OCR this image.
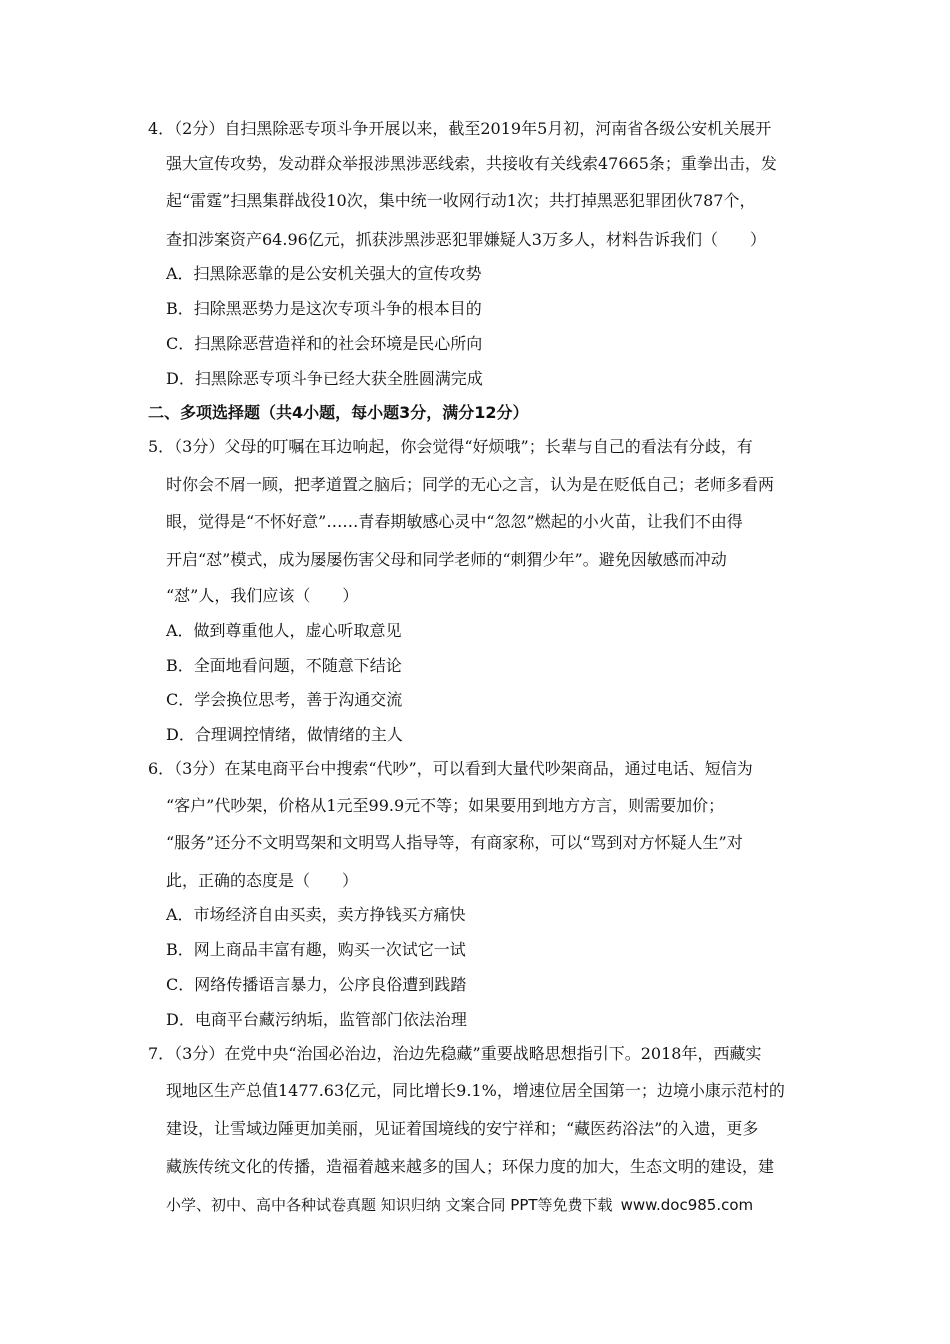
4．（2分）自扫黑除恶专项斗争开展以来，截至2019年5月初，河南省各级公安机关展开
强大宣传攻势，发动群众举报涉黑涉恶线索，共接收有关线索47665条；重拳出击，发
起“雷霆”扫黑集群战役10次，集中统一收网行动1次；共打掉黑恶犯罪团伙787个，
查扣涉案资产64.96亿元，抓获涉黑涉恶犯罪嫌疑人3万多人，材料告诉我们（　　）
A．扫黑除恶靠的是公安机关强大的宣传攻势
B．扫除黑恶势力是这次专项斗争的根本目的
C．扫黑除恶营造祥和的社会环境是民心所向
D．扫黑除恶专项斗争已经大获全胜圆满完成
二、多项选择题（共4小题，每小题3分，满分12分）
5．（3分）父母的叮嘱在耳边响起，你会觉得“好烦哦”；长辈与自己的看法有分歧，有
时你会不屑一顾，把孝道置之脑后；同学的无心之言，认为是在贬低自己；老师多看两
眼，觉得是“不怀好意”……青春期敏感心灵中“忽忽”燃起的小火苗，让我们不由得
开启“怼”模式，成为屡屡伤害父母和同学老师的“刺猬少年”。避免因敏感而冲动
“怼”人，我们应该（　　）
A．做到尊重他人，虚心听取意见
B．全面地看问题，不随意下结论
C．学会换位思考，善于沟通交流
D．合理调控情绪，做情绪的主人
6．（3分）在某电商平台中搜索“代吵”，可以看到大量代吵架商品，通过电话、短信为
“客户”代吵架，价格从1元至99.9元不等；如果要用到地方方言，则需要加价；
“服务”还分不文明骂架和文明骂人指导等，有商家称，可以“骂到对方怀疑人生”对
此，正确的态度是（　　）
A．市场经济自由买卖，卖方挣钱买方痛快
B．网上商品丰富有趣，购买一次试它一试
C．网络传播语言暴力，公序良俗遭到践踏
D．电商平台藏污纳垢，监管部门依法治理
7．（3分）在党中央“治国必治边，治边先稳藏”重要战略思想指引下。2018年，西藏实
现地区生产总值1477.63亿元，同比增长9.1%，增速位居全国第一；边境小康示范村的
建设，让雪域边陲更加美丽，见证着国境线的安宁祥和；“藏医药浴法”的入遗，更多
藏族传统文化的传播，造福着越来越多的国人；环保力度的加大，生态文明的建设，建
小学、初中、高中各种试卷真题 知识归纳 文案合同 PPT等免费下载 www.doc985.com
